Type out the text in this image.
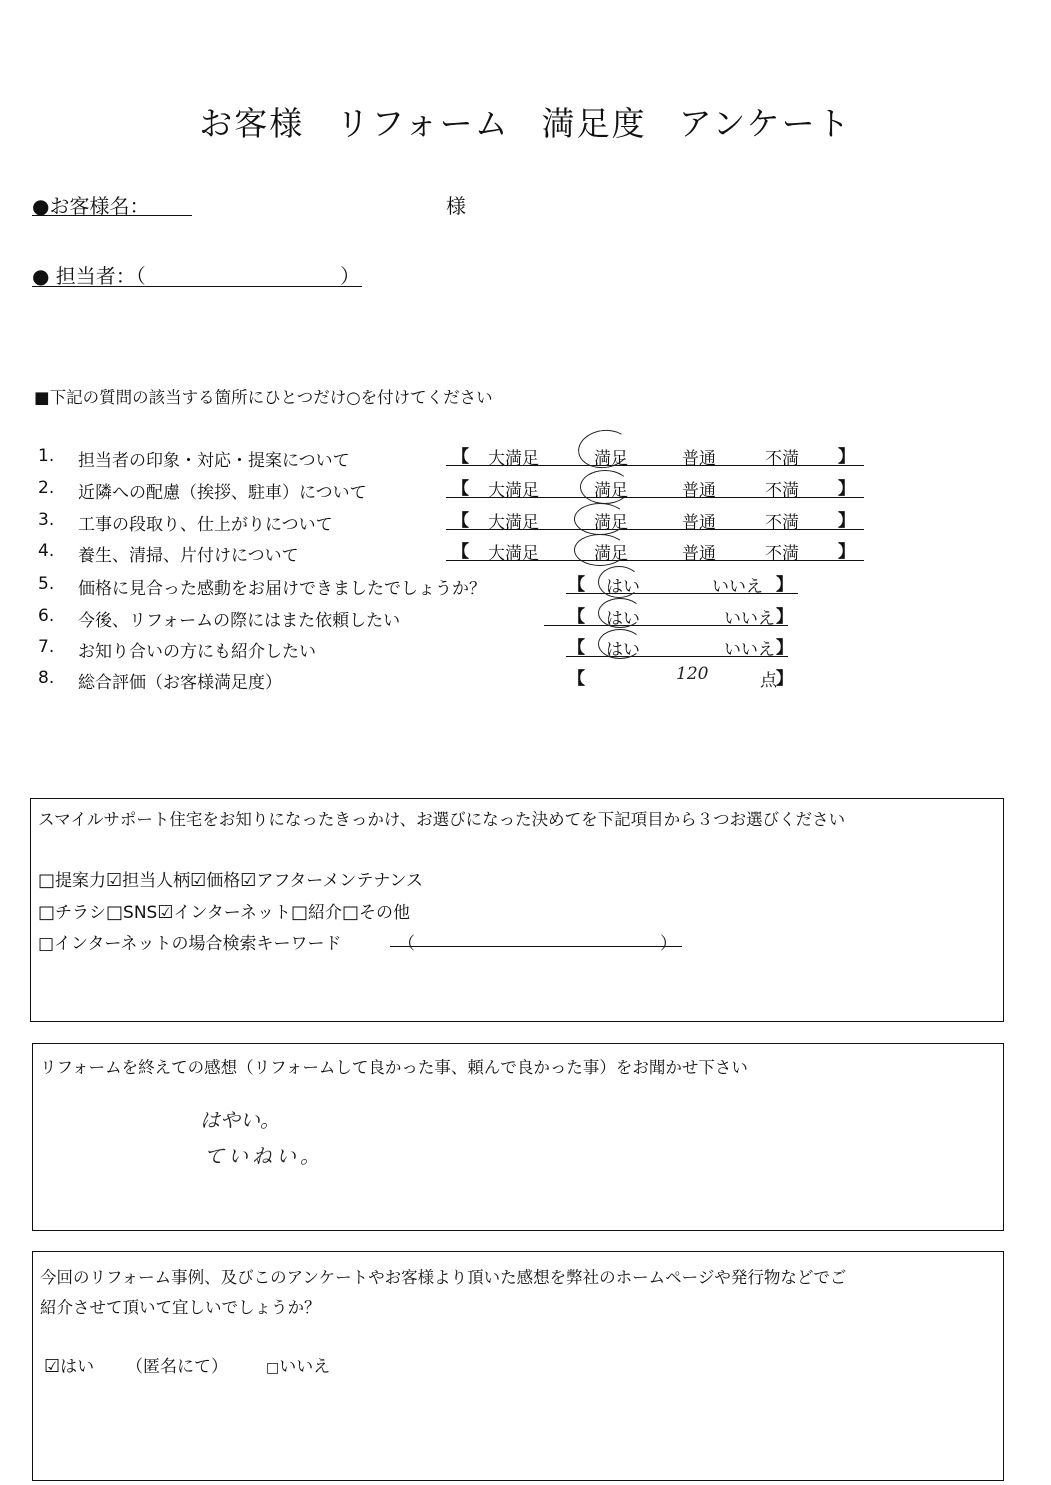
お客様 リフォーム 満足度 アンケート
●お客様名：	様
● 担当者：（	）
■下記の質問の該当する箇所にひとつだけ○を付けてください
1. 担当者の印象・対応・提案について	【 大満足	満足	普通	不満 】
2. 近隣への配慮（挨拶、駐車）について	【 大満足	満足	普通	不満 】
3. 工事の段取り、仕上がりについて	【 大満足	満足	普通	不満 】
4. 養生、清掃、片付けについて	【 大満足	満足	普通	不満 】
5. 価格に見合った感動をお届けできましたでしょうか？	【 はい	いいえ 】
6. 今後、リフォームの際にはまた依頼したい	【 はい	いいえ 】
7. お知り合いの方にも紹介したい	【 はい	いいえ 】
8. 総合評価（お客様満足度）	【	120	点 】
スマイルサポート住宅をお知りになったきっかけ、お選びになった決めてを下記項目から３つお選びください
□提案力☑担当人柄☑価格☑アフターメンテナンス
□チラシ□SNS☑インターネット□紹介□その他
□インターネットの場合検索キーワード	（	）
リフォームを終えての感想（リフォームして良かった事、頼んで良かった事）をお聞かせ下さい
はやい。
ていねい。
今回のリフォーム事例、及びこのアンケートやお客様より頂いた感想を弊社のホームページや発行物などでご
紹介させて頂いて宜しいでしょうか？
☑はい （匿名にて）	□いいえ
